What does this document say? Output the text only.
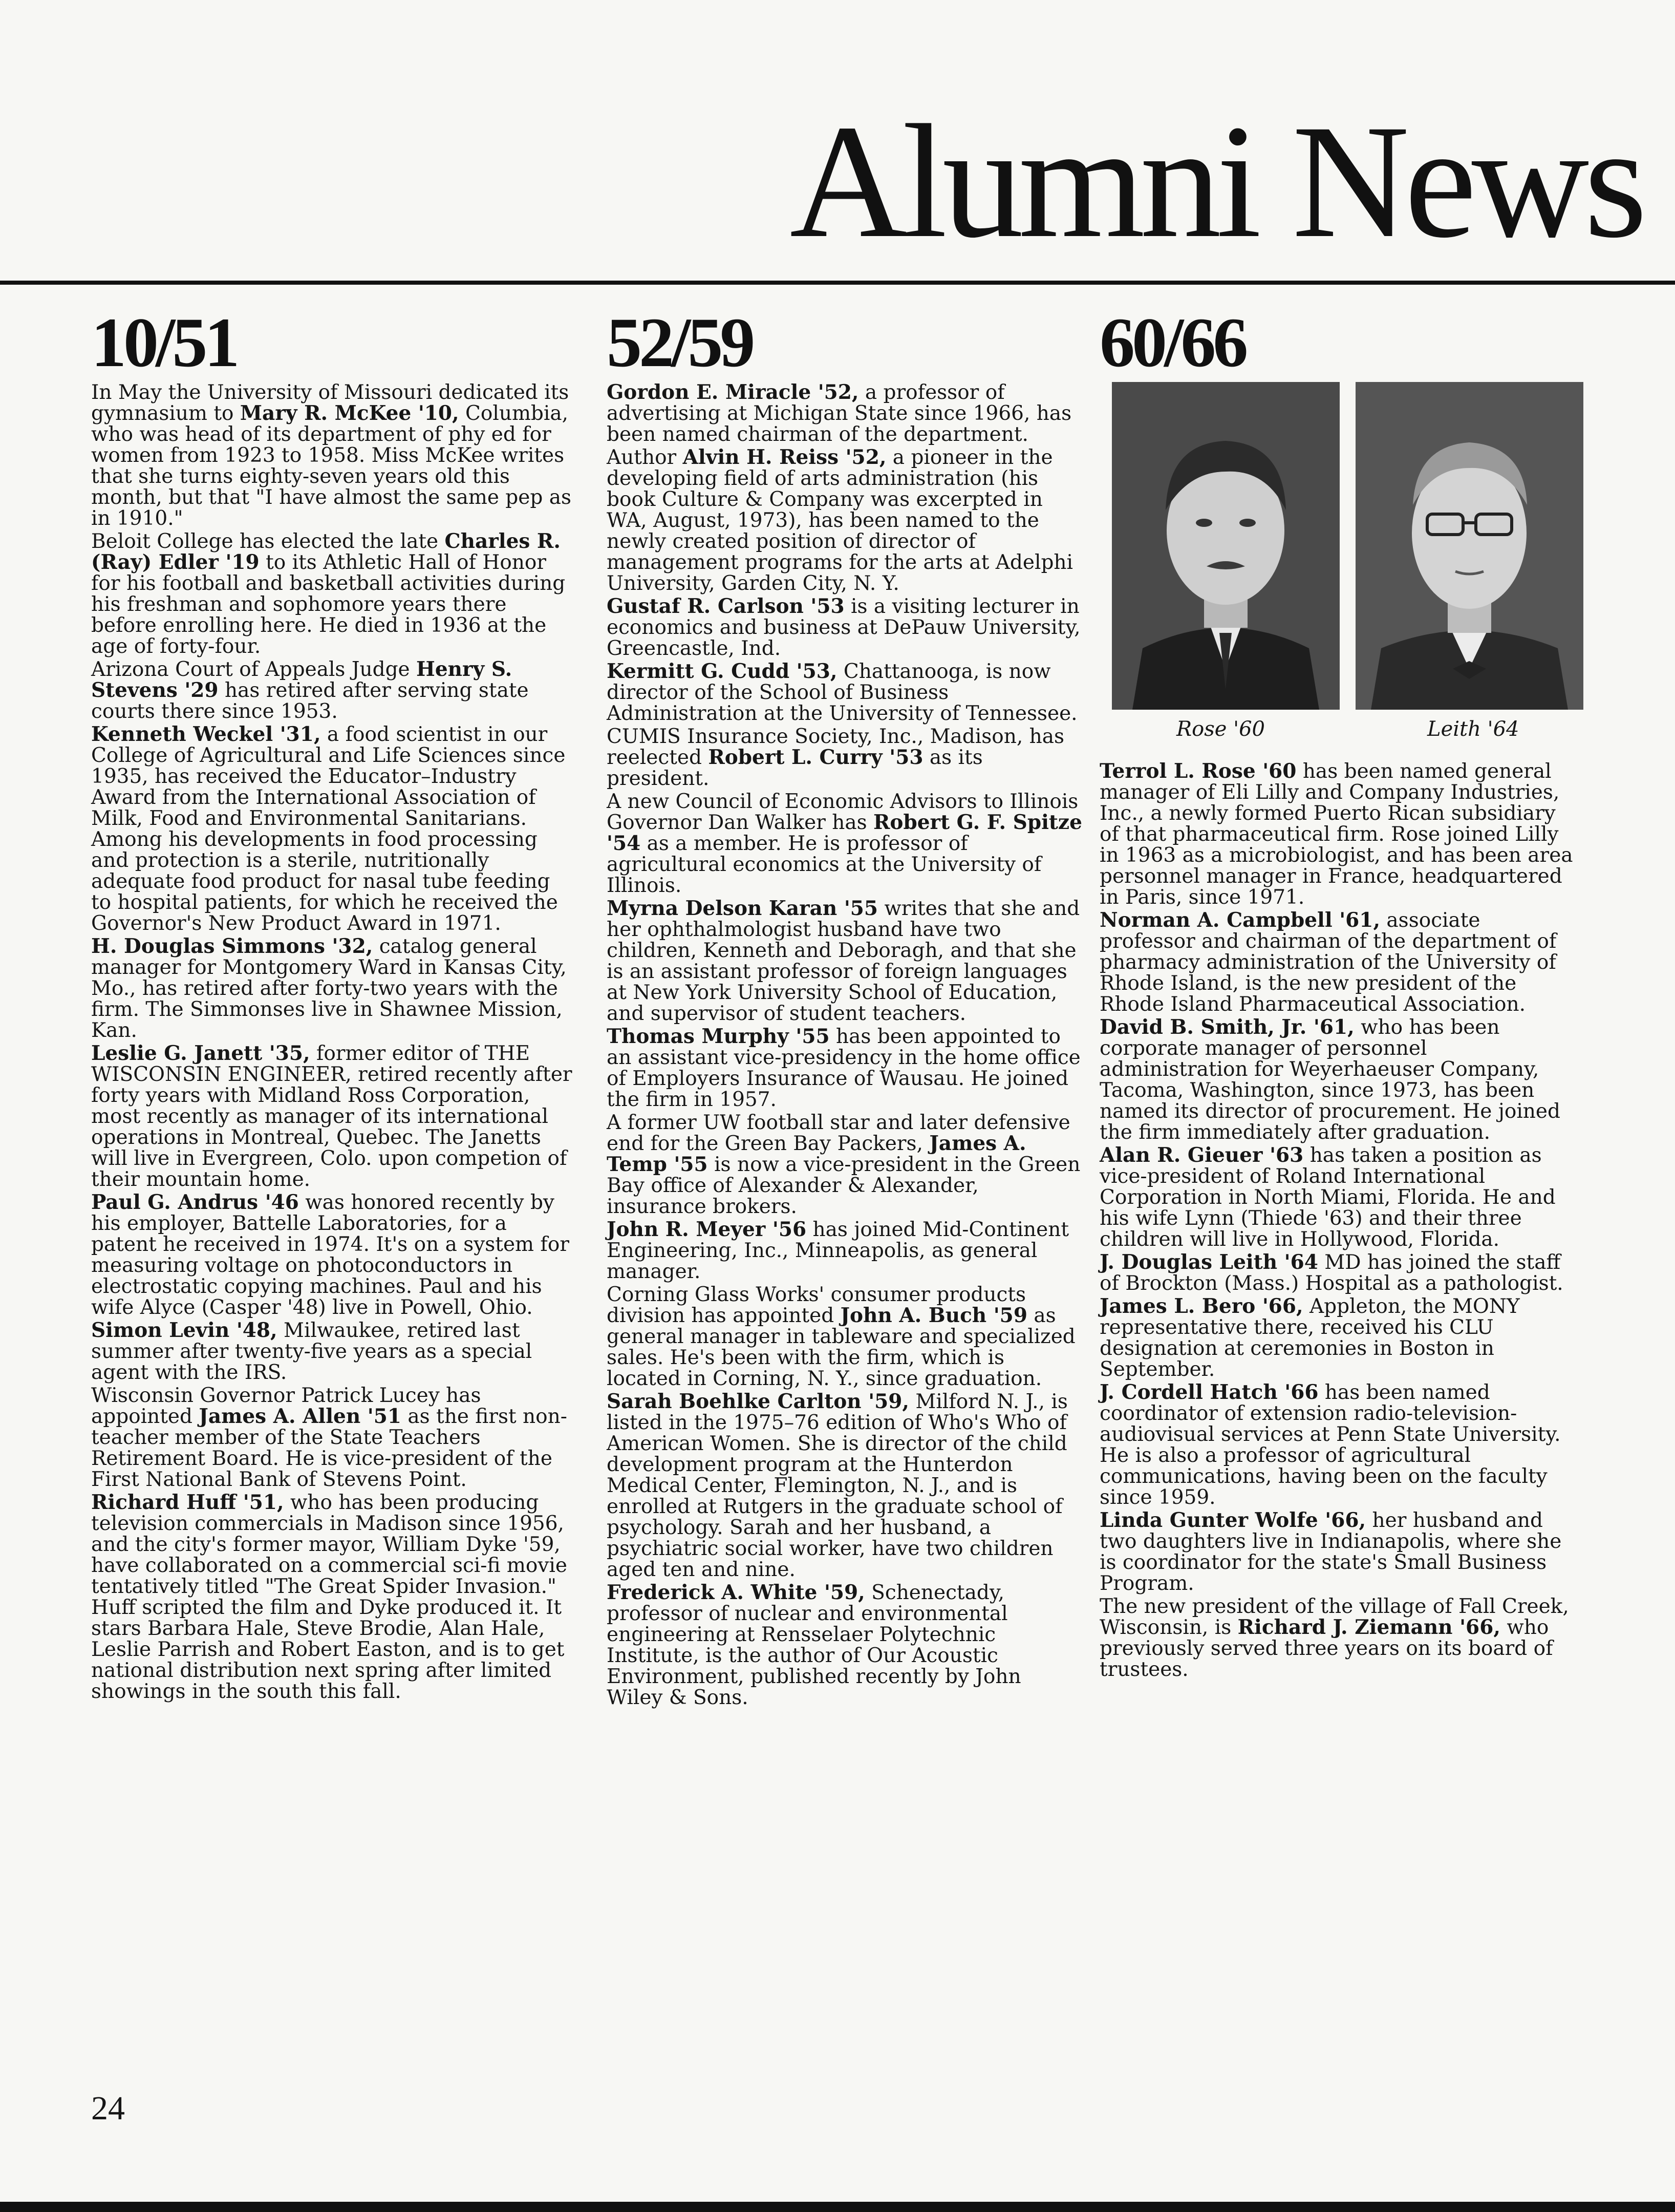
Alumni News
10/51

In May the University of Missouri dedicated its gymnasium to Mary R. McKee '10, Columbia, who was head of its department of phy ed for women from 1923 to 1958. Miss McKee writes that she turns eighty-seven years old this month, but that "I have almost the same pep as in 1910."

Beloit College has elected the late Charles R. (Ray) Edler '19 to its Athletic Hall of Honor for his football and basketball activities during his freshman and sophomore years there before enrolling here. He died in 1936 at the age of forty-four.

Arizona Court of Appeals Judge Henry S. Stevens '29 has retired after serving state courts there since 1953.

Kenneth Weckel '31, a food scientist in our College of Agricultural and Life Sciences since 1935, has received the Educator–Industry Award from the International Association of Milk, Food and Environmental Sanitarians. Among his developments in food processing and protection is a sterile, nutritionally adequate food product for nasal tube feeding to hospital patients, for which he received the Governor's New Product Award in 1971.

H. Douglas Simmons '32, catalog general manager for Montgomery Ward in Kansas City, Mo., has retired after forty-two years with the firm. The Simmonses live in Shawnee Mission, Kan.

Leslie G. Janett '35, former editor of THE WISCONSIN ENGINEER, retired recently after forty years with Midland Ross Corporation, most recently as manager of its international operations in Montreal, Quebec. The Janetts will live in Evergreen, Colo. upon competion of their mountain home.

Paul G. Andrus '46 was honored recently by his employer, Battelle Laboratories, for a patent he received in 1974. It's on a system for measuring voltage on photoconductors in electrostatic copying machines. Paul and his wife Alyce (Casper '48) live in Powell, Ohio.

Simon Levin '48, Milwaukee, retired last summer after twenty-five years as a special agent with the IRS.

Wisconsin Governor Patrick Lucey has appointed James A. Allen '51 as the first non-teacher member of the State Teachers Retirement Board. He is vice-president of the First National Bank of Stevens Point.

Richard Huff '51, who has been producing television commercials in Madison since 1956, and the city's former mayor, William Dyke '59, have collaborated on a commercial sci-fi movie tentatively titled "The Great Spider Invasion." Huff scripted the film and Dyke produced it. It stars Barbara Hale, Steve Brodie, Alan Hale, Leslie Parrish and Robert Easton, and is to get national distribution next spring after limited showings in the south this fall.

52/59

Gordon E. Miracle '52, a professor of advertising at Michigan State since 1966, has been named chairman of the department.

Author Alvin H. Reiss '52, a pioneer in the developing field of arts administration (his book Culture & Company was excerpted in WA, August, 1973), has been named to the newly created position of director of management programs for the arts at Adelphi University, Garden City, N. Y.

Gustaf R. Carlson '53 is a visiting lecturer in economics and business at DePauw University, Greencastle, Ind.

Kermitt G. Cudd '53, Chattanooga, is now director of the School of Business Administration at the University of Tennessee.

CUMIS Insurance Society, Inc., Madison, has reelected Robert L. Curry '53 as its president.

A new Council of Economic Advisors to Illinois Governor Dan Walker has Robert G. F. Spitze '54 as a member. He is professor of agricultural economics at the University of Illinois.

Myrna Delson Karan '55 writes that she and her ophthalmologist husband have two children, Kenneth and Deboragh, and that she is an assistant professor of foreign languages at New York University School of Education, and supervisor of student teachers.

Thomas Murphy '55 has been appointed to an assistant vice-presidency in the home office of Employers Insurance of Wausau. He joined the firm in 1957.

A former UW football star and later defensive end for the Green Bay Packers, James A. Temp '55 is now a vice-president in the Green Bay office of Alexander & Alexander, insurance brokers.

John R. Meyer '56 has joined Mid-Continent Engineering, Inc., Minneapolis, as general manager.

Corning Glass Works' consumer products division has appointed John A. Buch '59 as general manager in tableware and specialized sales. He's been with the firm, which is located in Corning, N. Y., since graduation.

Sarah Boehlke Carlton '59, Milford N. J., is listed in the 1975–76 edition of Who's Who of American Women. She is director of the child development program at the Hunterdon Medical Center, Flemington, N. J., and is enrolled at Rutgers in the graduate school of psychology. Sarah and her husband, a psychiatric social worker, have two children aged ten and nine.

Frederick A. White '59, Schenectady, professor of nuclear and environmental engineering at Rensselaer Polytechnic Institute, is the author of Our Acoustic Environment, published recently by John Wiley & Sons.

60/66
Rose '60	Leith '64

Terrol L. Rose '60 has been named general manager of Eli Lilly and Company Industries, Inc., a newly formed Puerto Rican subsidiary of that pharmaceutical firm. Rose joined Lilly in 1963 as a microbiologist, and has been area personnel manager in France, headquartered in Paris, since 1971.

Norman A. Campbell '61, associate professor and chairman of the department of pharmacy administration of the University of Rhode Island, is the new president of the Rhode Island Pharmaceutical Association.

David B. Smith, Jr. '61, who has been corporate manager of personnel administration for Weyerhaeuser Company, Tacoma, Washington, since 1973, has been named its director of procurement. He joined the firm immediately after graduation.

Alan R. Gieuer '63 has taken a position as vice-president of Roland International Corporation in North Miami, Florida. He and his wife Lynn (Thiede '63) and their three children will live in Hollywood, Florida.

J. Douglas Leith '64 MD has joined the staff of Brockton (Mass.) Hospital as a pathologist.

James L. Bero '66, Appleton, the MONY representative there, received his CLU designation at ceremonies in Boston in September.

J. Cordell Hatch '66 has been named coordinator of extension radio-television-audiovisual services at Penn State University. He is also a professor of agricultural communications, having been on the faculty since 1959.

Linda Gunter Wolfe '66, her husband and two daughters live in Indianapolis, where she is coordinator for the state's Small Business Program.

The new president of the village of Fall Creek, Wisconsin, is Richard J. Ziemann '66, who previously served three years on its board of trustees.

24
